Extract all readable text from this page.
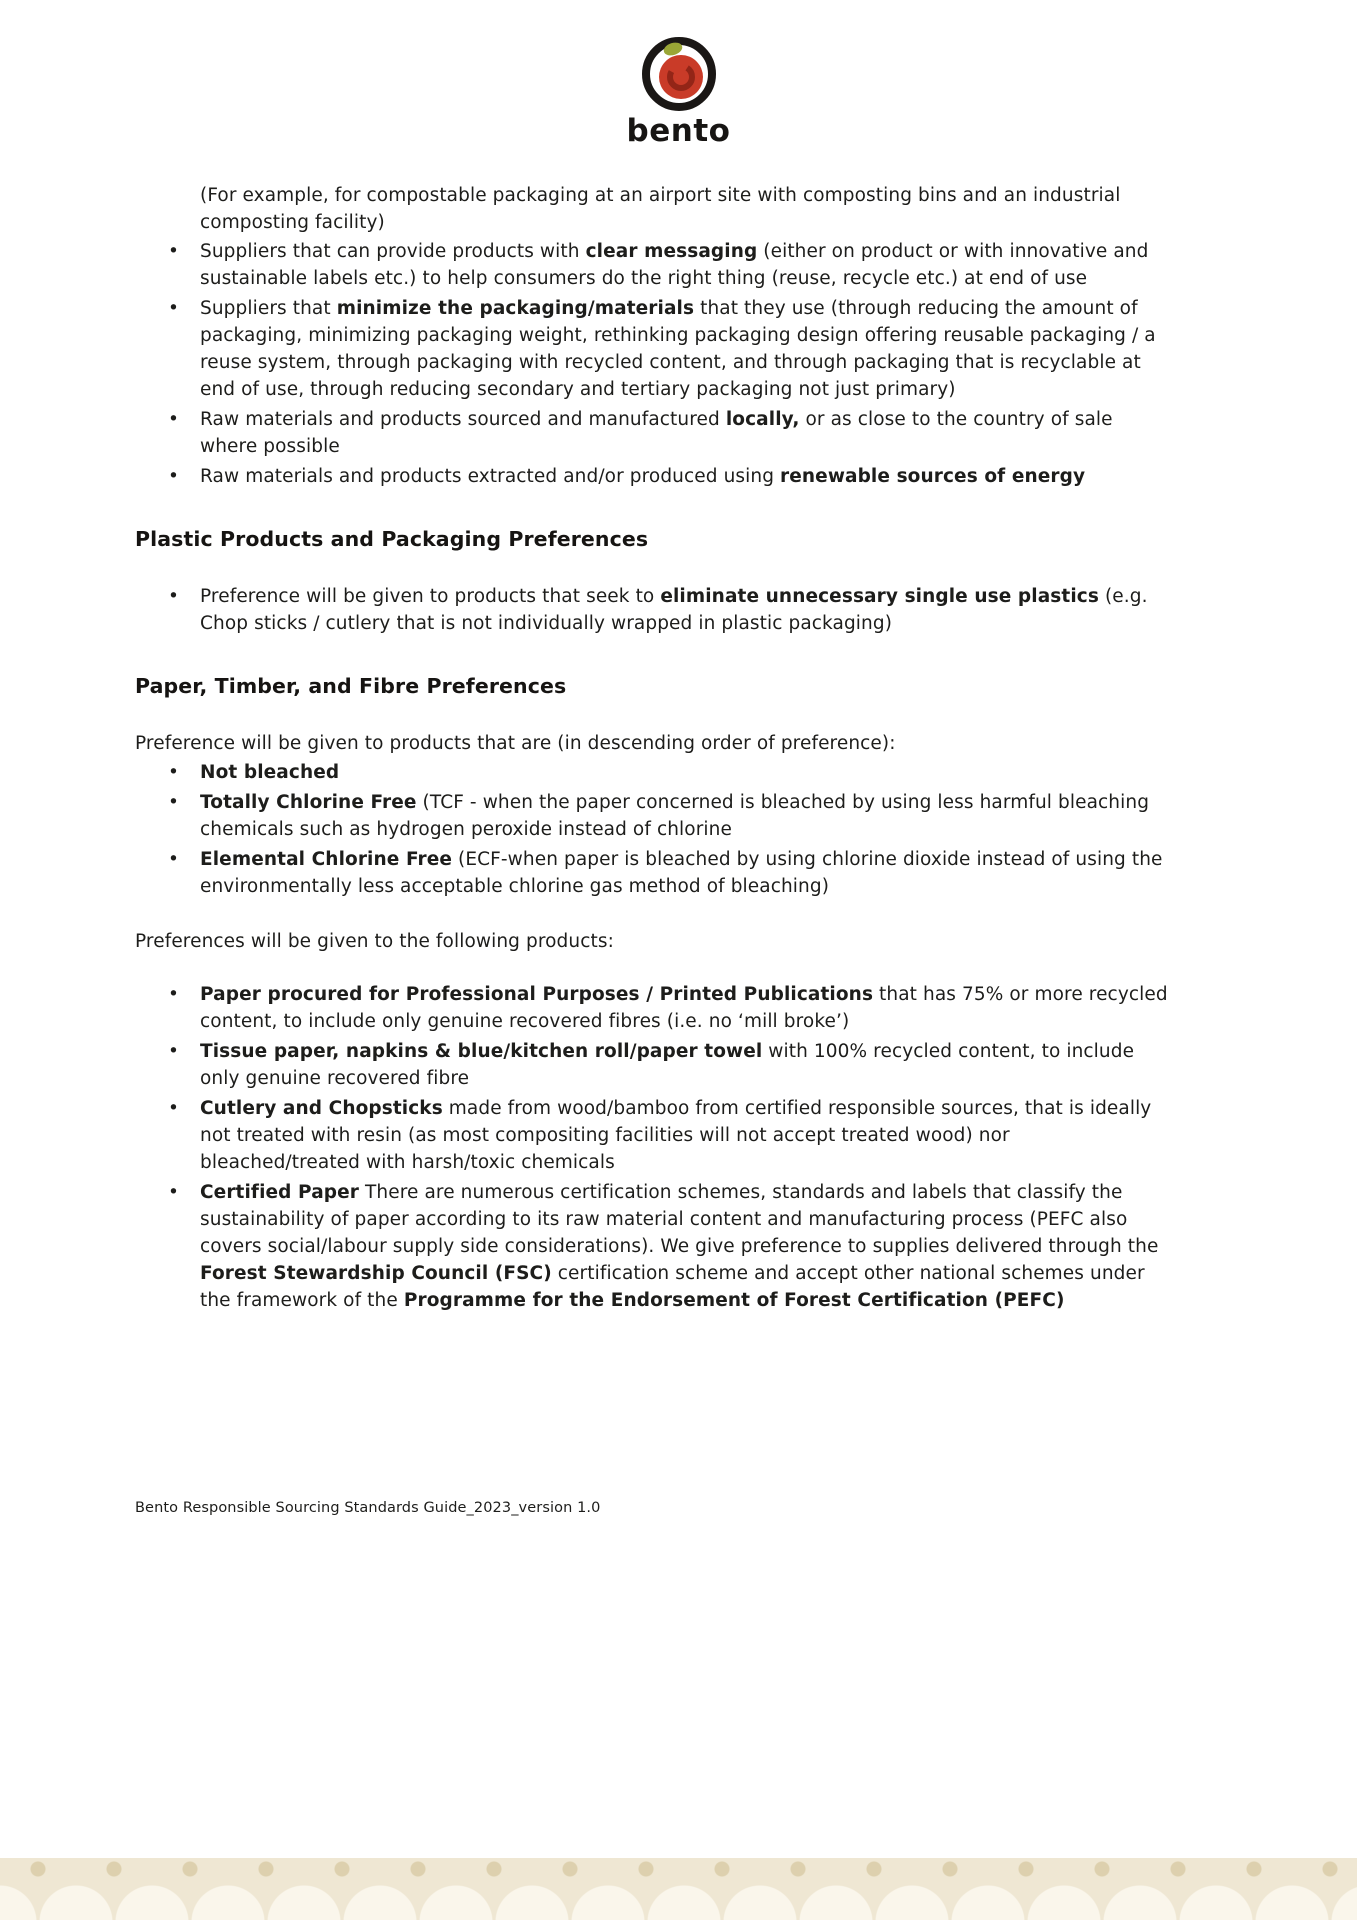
bento

(For example, for compostable packaging at an airport site with composting bins and an industrial composting facility)

• Suppliers that can provide products with clear messaging (either on product or with innovative and sustainable labels etc.) to help consumers do the right thing (reuse, recycle etc.) at end of use
• Suppliers that minimize the packaging/materials that they use (through reducing the amount of packaging, minimizing packaging weight, rethinking packaging design offering reusable packaging / a reuse system, through packaging with recycled content, and through packaging that is recyclable at end of use, through reducing secondary and tertiary packaging not just primary)
• Raw materials and products sourced and manufactured locally, or as close to the country of sale where possible
• Raw materials and products extracted and/or produced using renewable sources of energy
Plastic Products and Packaging Preferences
• Preference will be given to products that seek to eliminate unnecessary single use plastics (e.g. Chop sticks / cutlery that is not individually wrapped in plastic packaging)
Paper, Timber, and Fibre Preferences

Preference will be given to products that are (in descending order of preference):

• Not bleached
• Totally Chlorine Free (TCF - when the paper concerned is bleached by using less harmful bleaching chemicals such as hydrogen peroxide instead of chlorine
• Elemental Chlorine Free (ECF-when paper is bleached by using chlorine dioxide instead of using the environmentally less acceptable chlorine gas method of bleaching)

Preferences will be given to the following products:

• Paper procured for Professional Purposes / Printed Publications that has 75% or more recycled content, to include only genuine recovered fibres (i.e. no ‘mill broke’)
• Tissue paper, napkins & blue/kitchen roll/paper towel with 100% recycled content, to include only genuine recovered fibre
• Cutlery and Chopsticks made from wood/bamboo from certified responsible sources, that is ideally not treated with resin (as most compositing facilities will not accept treated wood) nor bleached/treated with harsh/toxic chemicals
• Certified Paper There are numerous certification schemes, standards and labels that classify the sustainability of paper according to its raw material content and manufacturing process (PEFC also covers social/labour supply side considerations). We give preference to supplies delivered through the Forest Stewardship Council (FSC) certification scheme and accept other national schemes under the framework of the Programme for the Endorsement of Forest Certification (PEFC)
Bento Responsible Sourcing Standards Guide_2023_version 1.0
